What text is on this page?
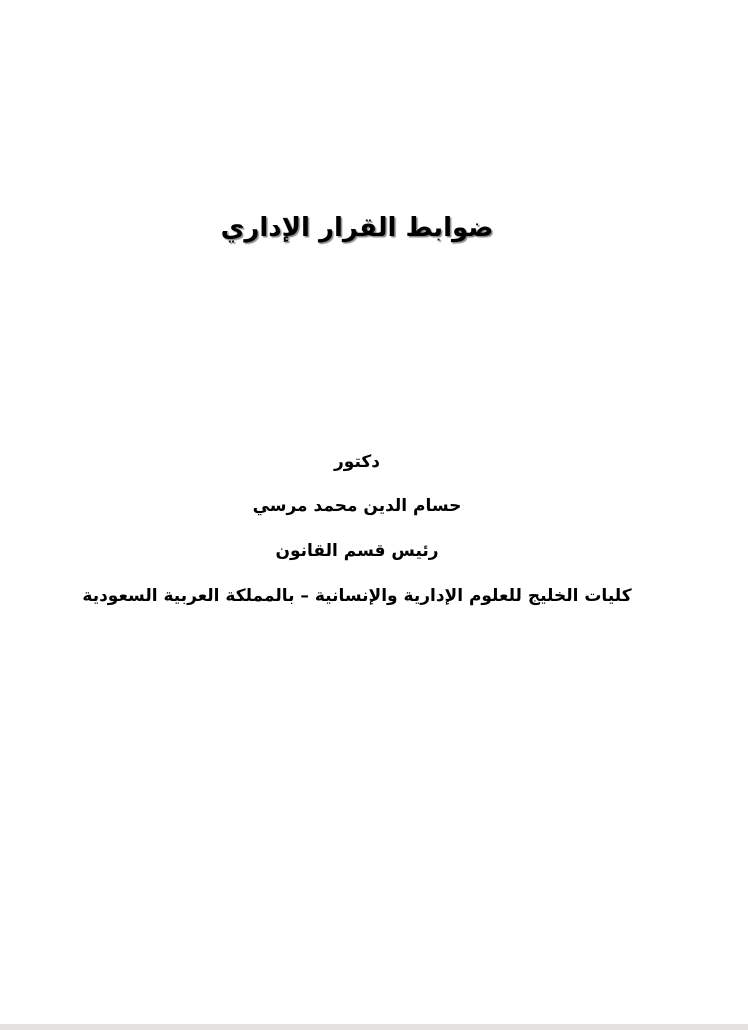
ضوابط القرار الإداري
دكتور
حسام الدين محمد مرسي
رئيس قسم القانون
كليات الخليج للعلوم الإدارية والإنسانية – بالمملكة العربية السعودية
